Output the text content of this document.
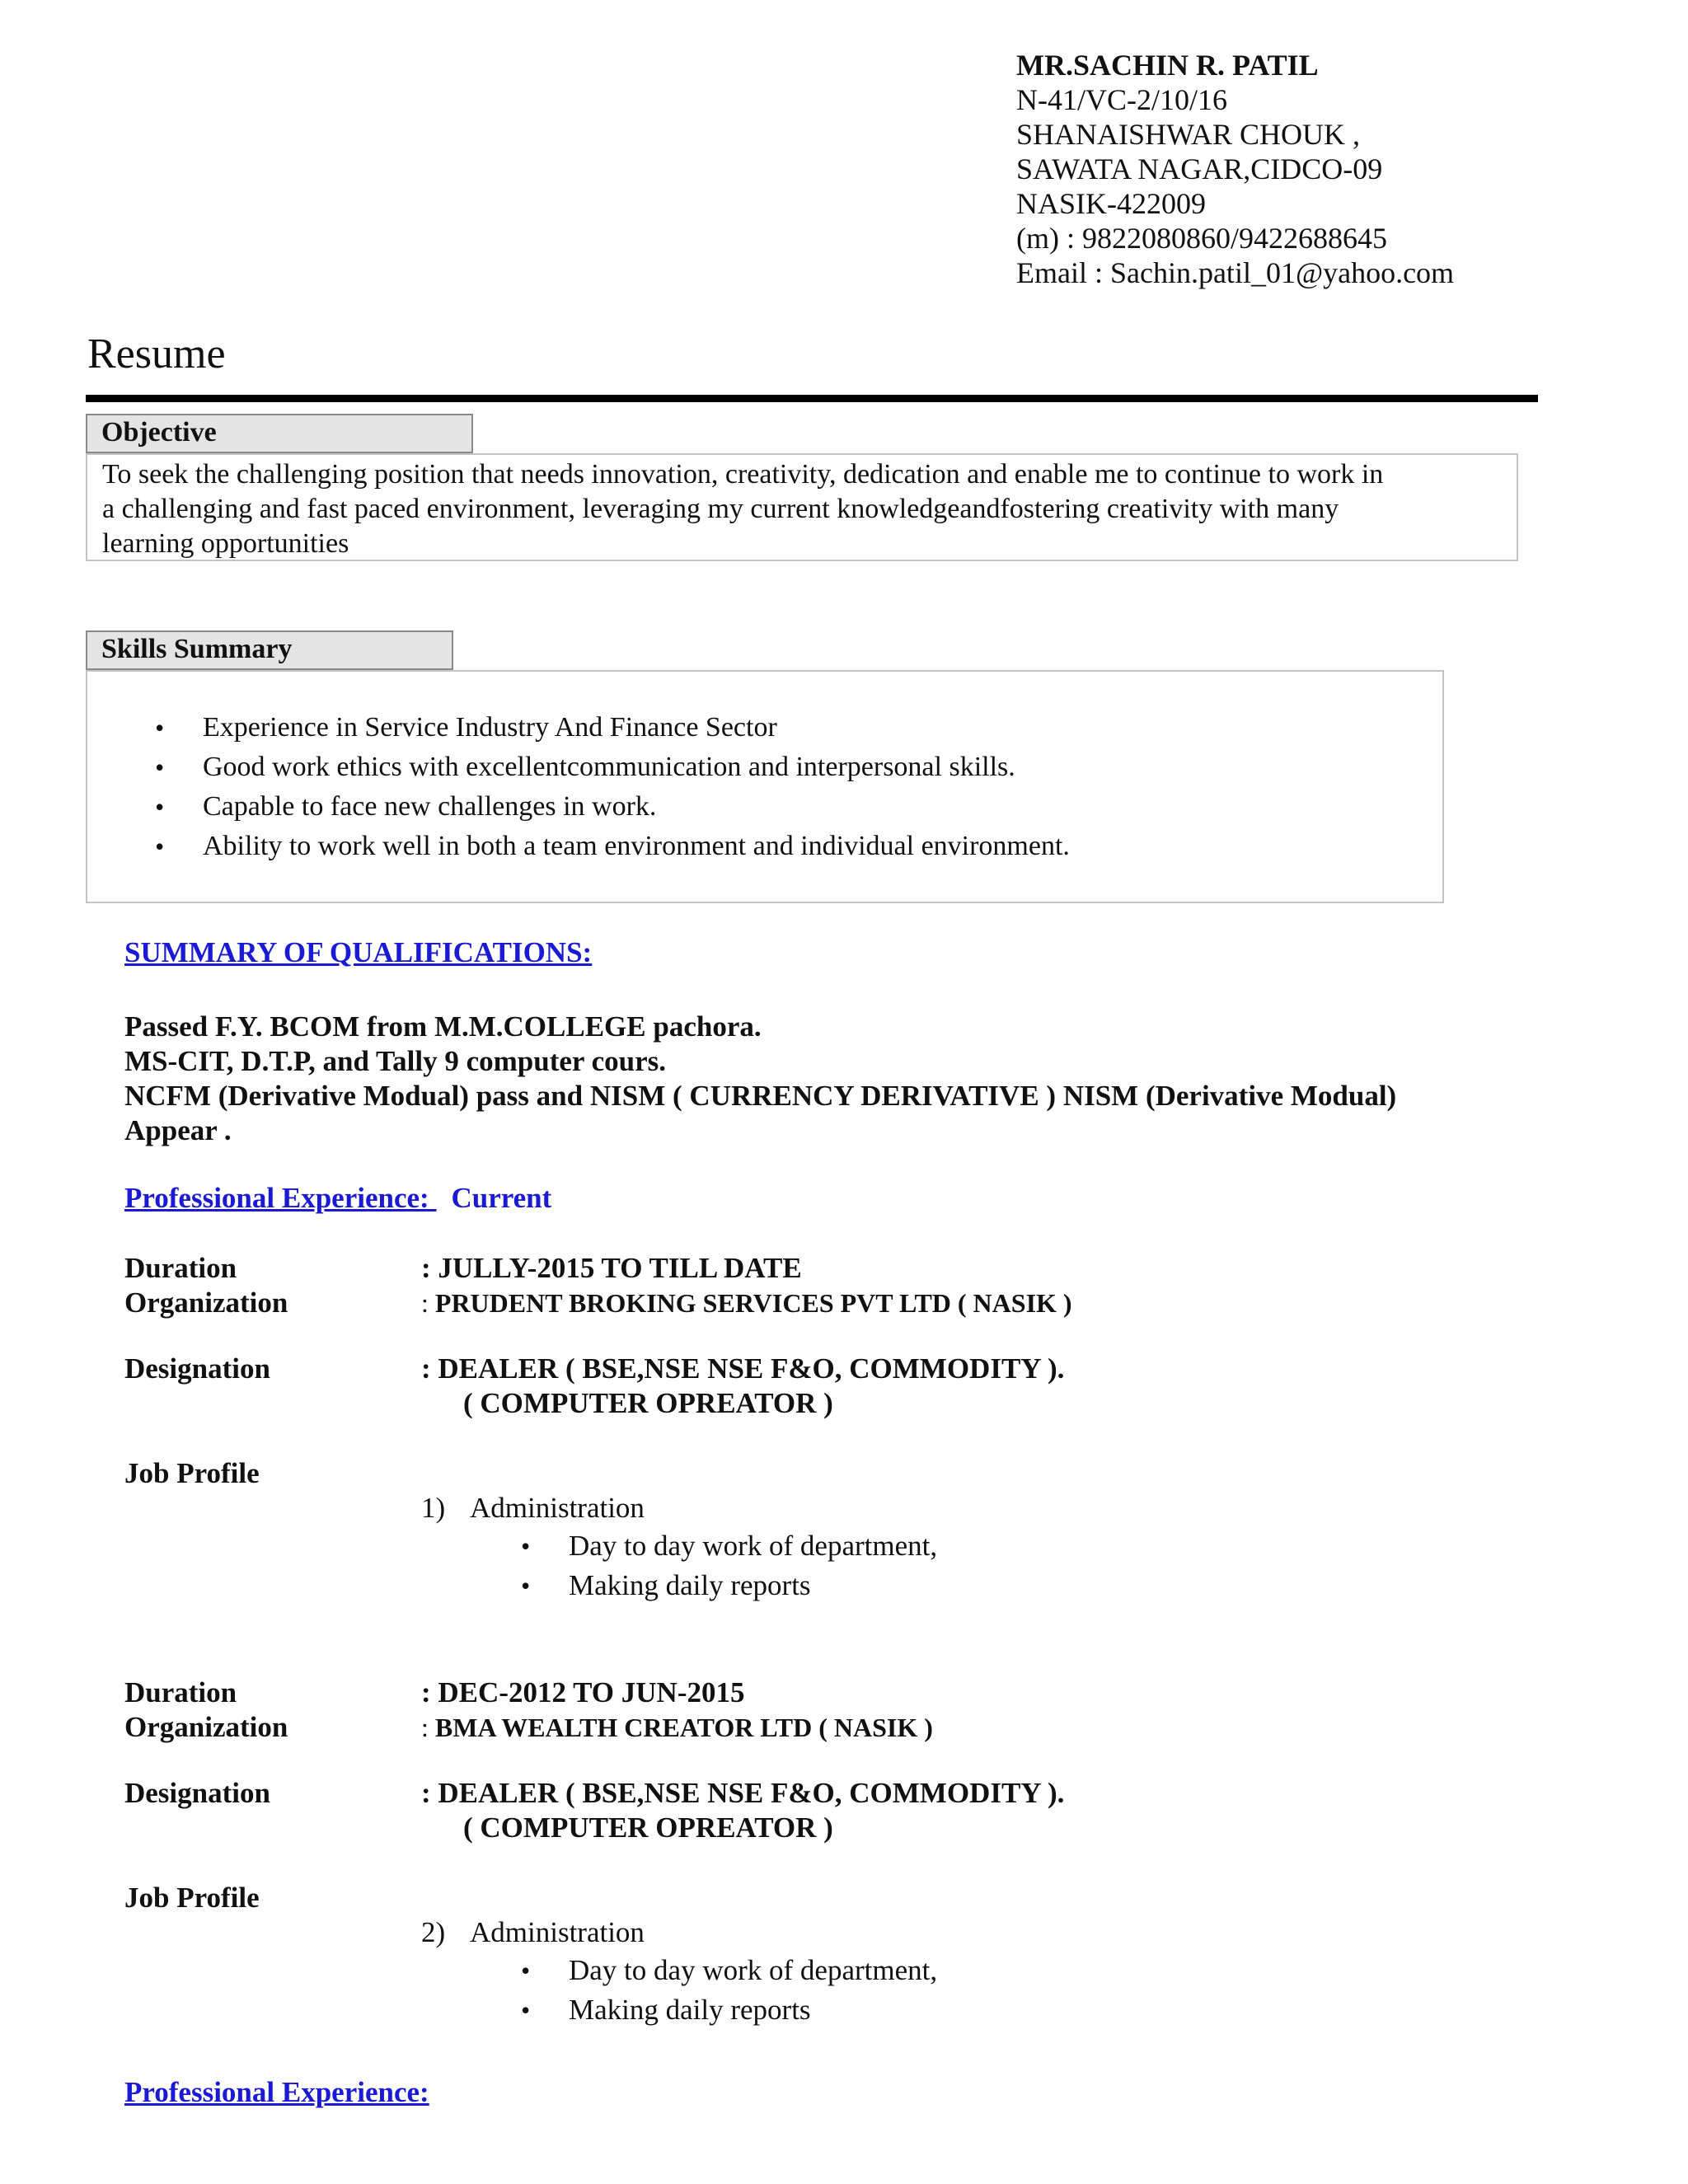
MR.SACHIN R. PATIL
N-41/VC-2/10/16
SHANAISHWAR CHOUK ,
SAWATA NAGAR,CIDCO-09
NASIK-422009
(m) : 9822080860/9422688645
Email : Sachin.patil_01@yahoo.com
Resume
Objective
To seek the challenging position that needs innovation, creativity, dedication and enable me to continue to work in
a challenging and fast paced environment, leveraging my current knowledgeandfostering creativity with many
learning opportunities
Skills Summary
• Experience in Service Industry And Finance Sector
• Good work ethics with excellentcommunication and interpersonal skills.
• Capable to face new challenges in work.
• Ability to work well in both a team environment and individual environment.
SUMMARY OF QUALIFICATIONS:
Passed F.Y. BCOM from M.M.COLLEGE pachora.
MS-CIT, D.T.P, and Tally 9 computer cours.
NCFM (Derivative Modual) pass and NISM ( CURRENCY DERIVATIVE ) NISM (Derivative Modual)
Appear .
Professional Experience: Current
Duration	: JULLY-2015 TO TILL DATE
Organization	: PRUDENT BROKING SERVICES PVT LTD ( NASIK )
Designation	: DEALER ( BSE,NSE NSE F&O, COMMODITY ).
( COMPUTER OPREATOR )
Job Profile
1) Administration
• Day to day work of department,
• Making daily reports
Duration	: DEC-2012 TO JUN-2015
Organization	: BMA WEALTH CREATOR LTD ( NASIK )
Designation	: DEALER ( BSE,NSE NSE F&O, COMMODITY ).
( COMPUTER OPREATOR )
Job Profile
2) Administration
• Day to day work of department,
• Making daily reports
Professional Experience:
